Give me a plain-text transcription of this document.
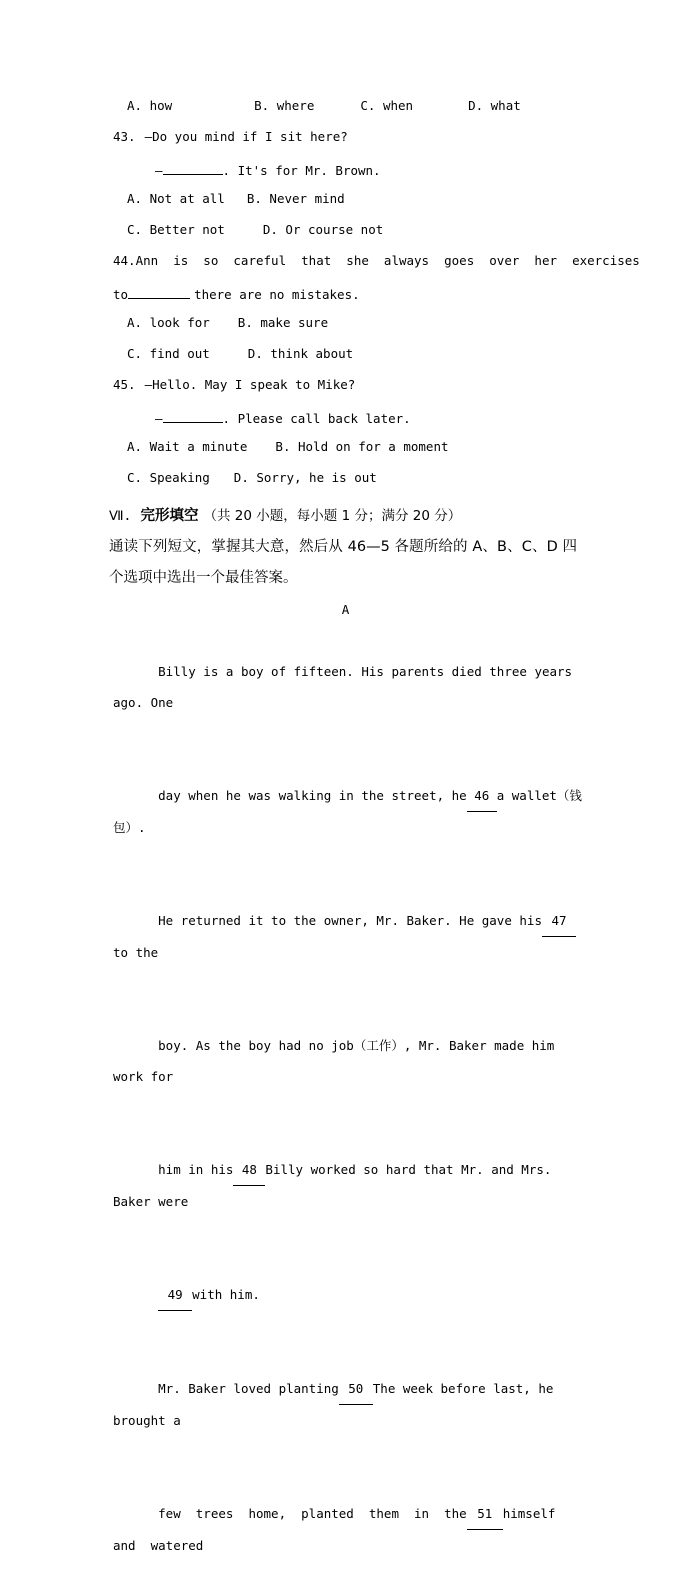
A. how	B. where	C. when	D. what
43. —Do you mind if I sit here?
—	. It's for Mr. Brown.
A. Not at all B. Never mind
C. Better not	D. Or course not
44. Ann  is  so  careful  that  she  always  goes  over  her  exercises
to	there are no mistakes.
A. look for B. make sure
C. find out	D. think about
45. —Hello. May I speak to Mike?
—	. Please call back later.
A. Wait a minute B. Hold on for a moment
C. Speaking D. Sorry, he is out
Ⅶ. 完形填空 （共 20 小题，每小题 1 分；满分 20 分）
通读下列短文，掌握其大意，然后从 46—5 各题所给的 A、B、C、D 四个选项中选出一个最佳答案。
A

Billy is a boy of fifteen. His parents died three years ago. One

day when he was walking in the street, he 46 a wallet（钱包）.

He returned it to the owner, Mr. Baker. He gave his 47to the

boy. As the boy had no job（工作）, Mr. Baker made him work for

him in his 48 Billy worked so hard that Mr. and Mrs. Baker were

49 with him.

Mr. Baker loved planting 50 The week before last, he brought a

few  trees  home,  planted  them  in  the 51 himself  and  watered
